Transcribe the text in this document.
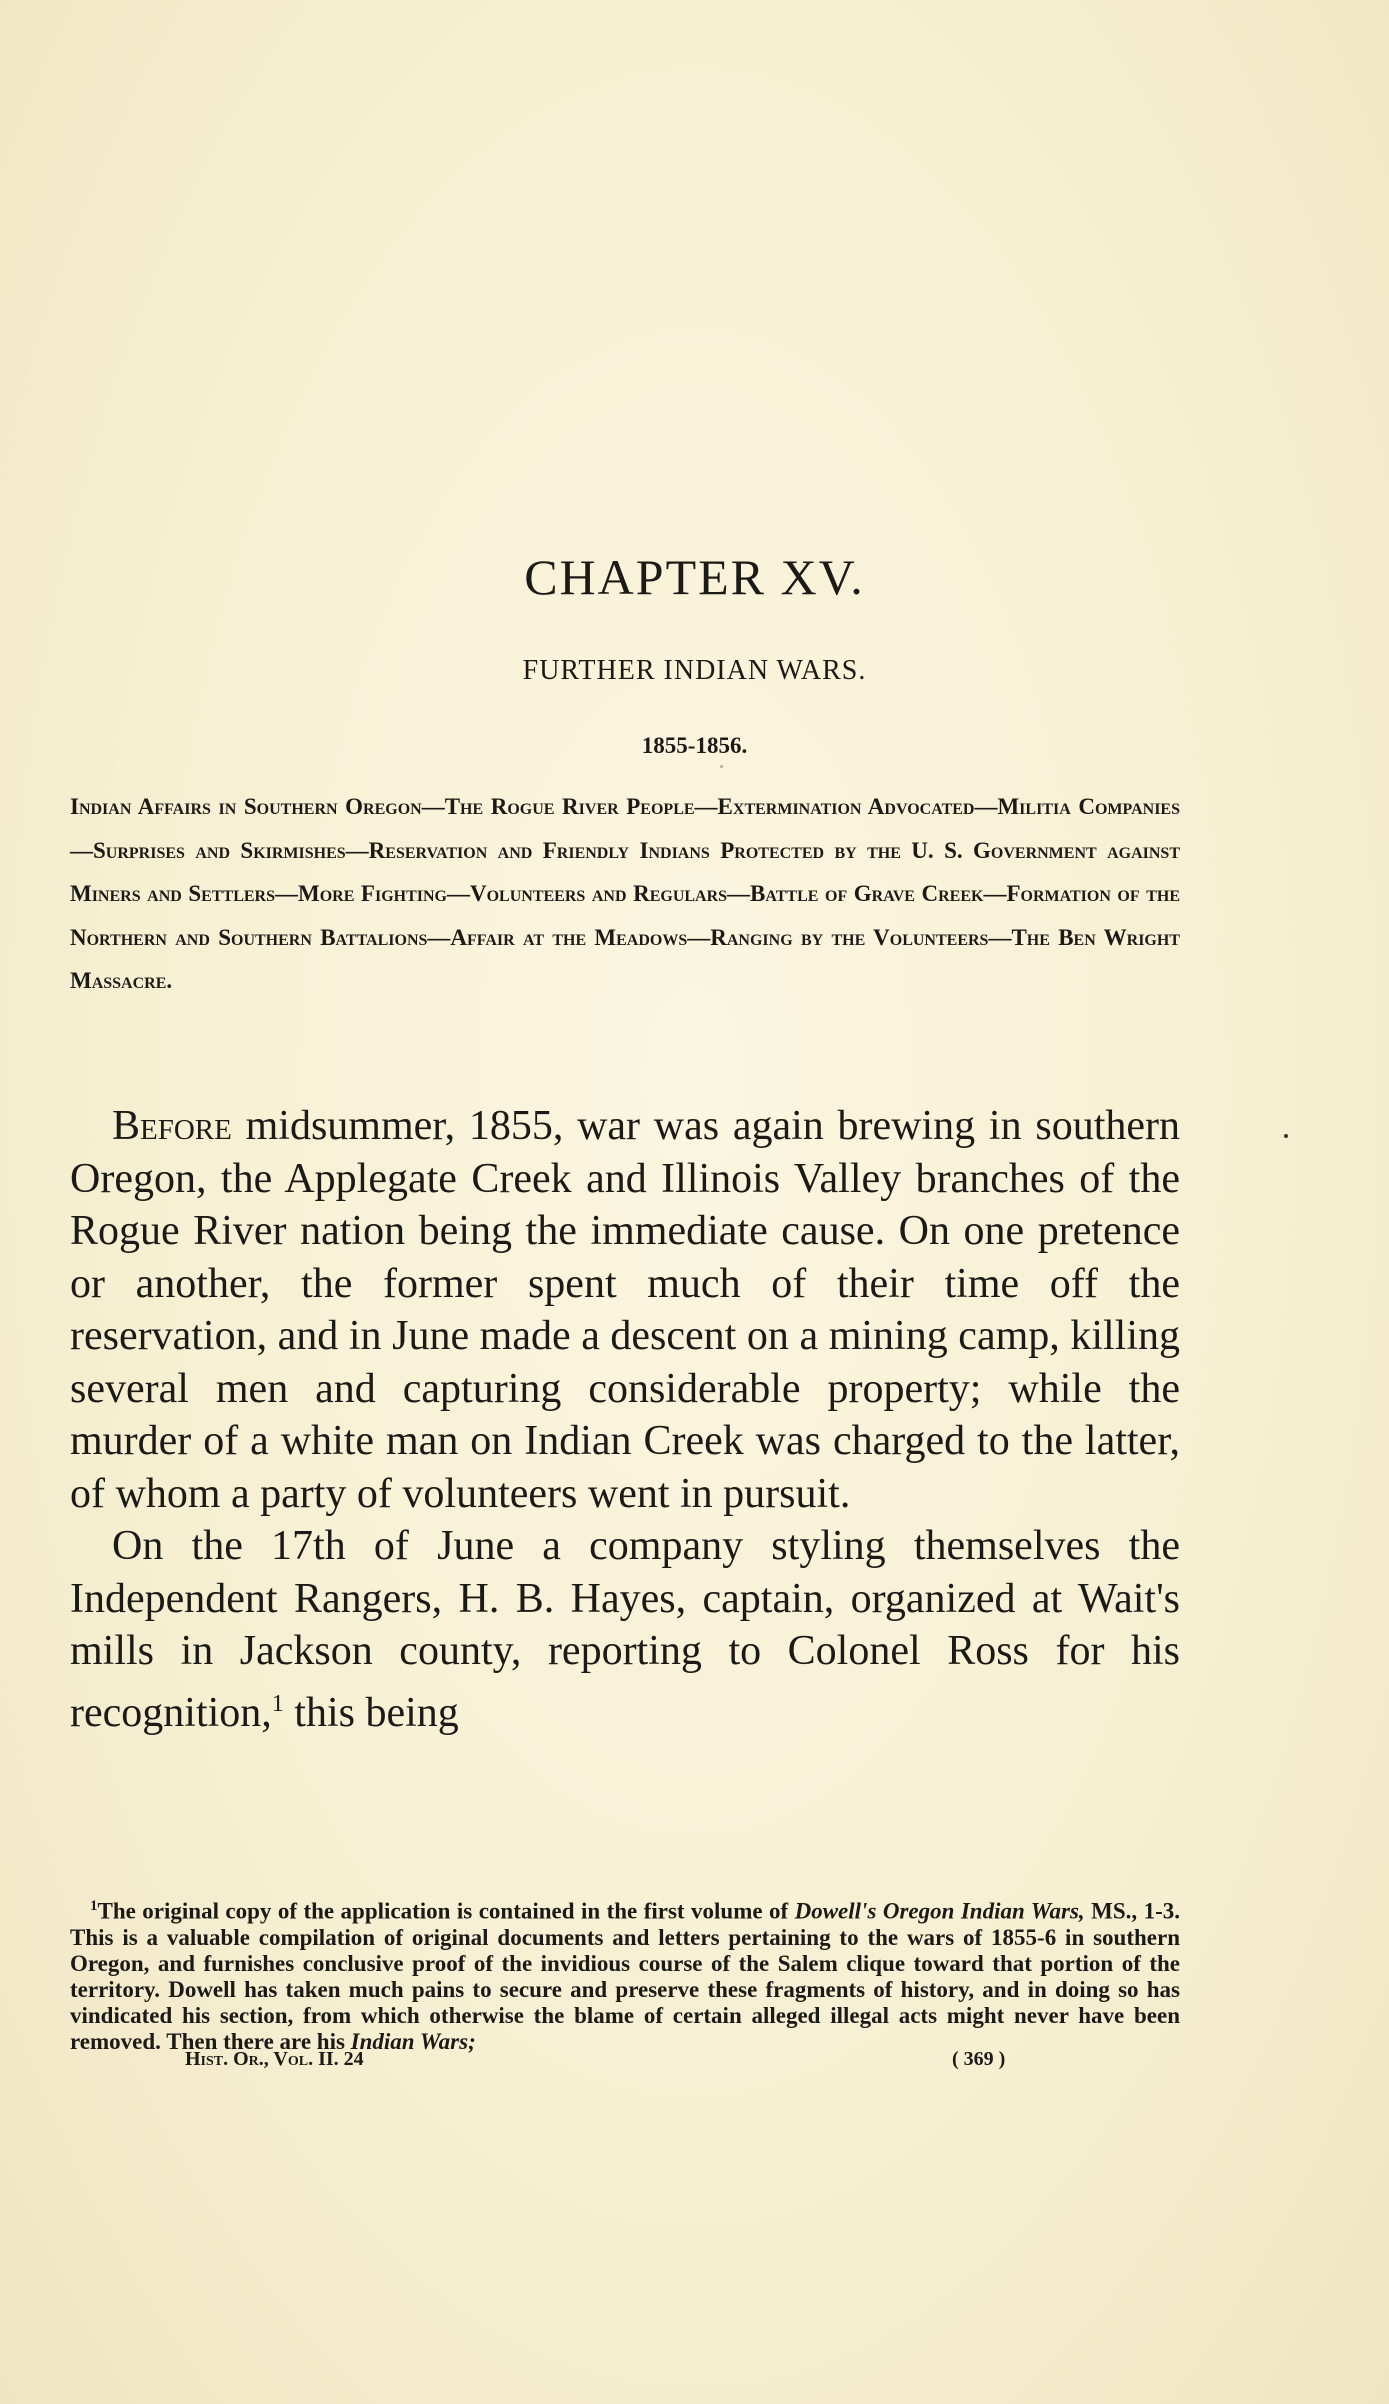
CHAPTER XV.
FURTHER INDIAN WARS.
1855-1856.

Indian Affairs in Southern Oregon—The Rogue River People—Extermination Advocated—Militia Companies—Surprises and Skirmishes—Reservation and Friendly Indians Protected by the U. S. Government against Miners and Settlers—More Fighting—Volunteers and Regulars—Battle of Grave Creek—Formation of the Northern and Southern Battalions—Affair at the Meadows—Ranging by the Volunteers—The Ben Wright Massacre.

Before midsummer, 1855, war was again brewing in southern Oregon, the Applegate Creek and Illinois Valley branches of the Rogue River nation being the immediate cause. On one pretence or another, the former spent much of their time off the reservation, and in June made a descent on a mining camp, killing several men and capturing considerable property; while the murder of a white man on Indian Creek was charged to the latter, of whom a party of volunteers went in pursuit.

On the 17th of June a company styling themselves the Independent Rangers, H. B. Hayes, captain, organized at Wait's mills in Jackson county, reporting to Colonel Ross for his recognition,$^1$ this being

$^1$The original copy of the application is contained in the first volume of Dowell's Oregon Indian Wars, MS., 1-3. This is a valuable compilation of original documents and letters pertaining to the wars of 1855-6 in southern Oregon, and furnishes conclusive proof of the invidious course of the Salem clique toward that portion of the territory. Dowell has taken much pains to secure and preserve these fragments of history, and in doing so has vindicated his section, from which otherwise the blame of certain alleged illegal acts might never have been removed. Then there are his Indian Wars;

Hist. Or., Vol. II. 24	( 369 )
